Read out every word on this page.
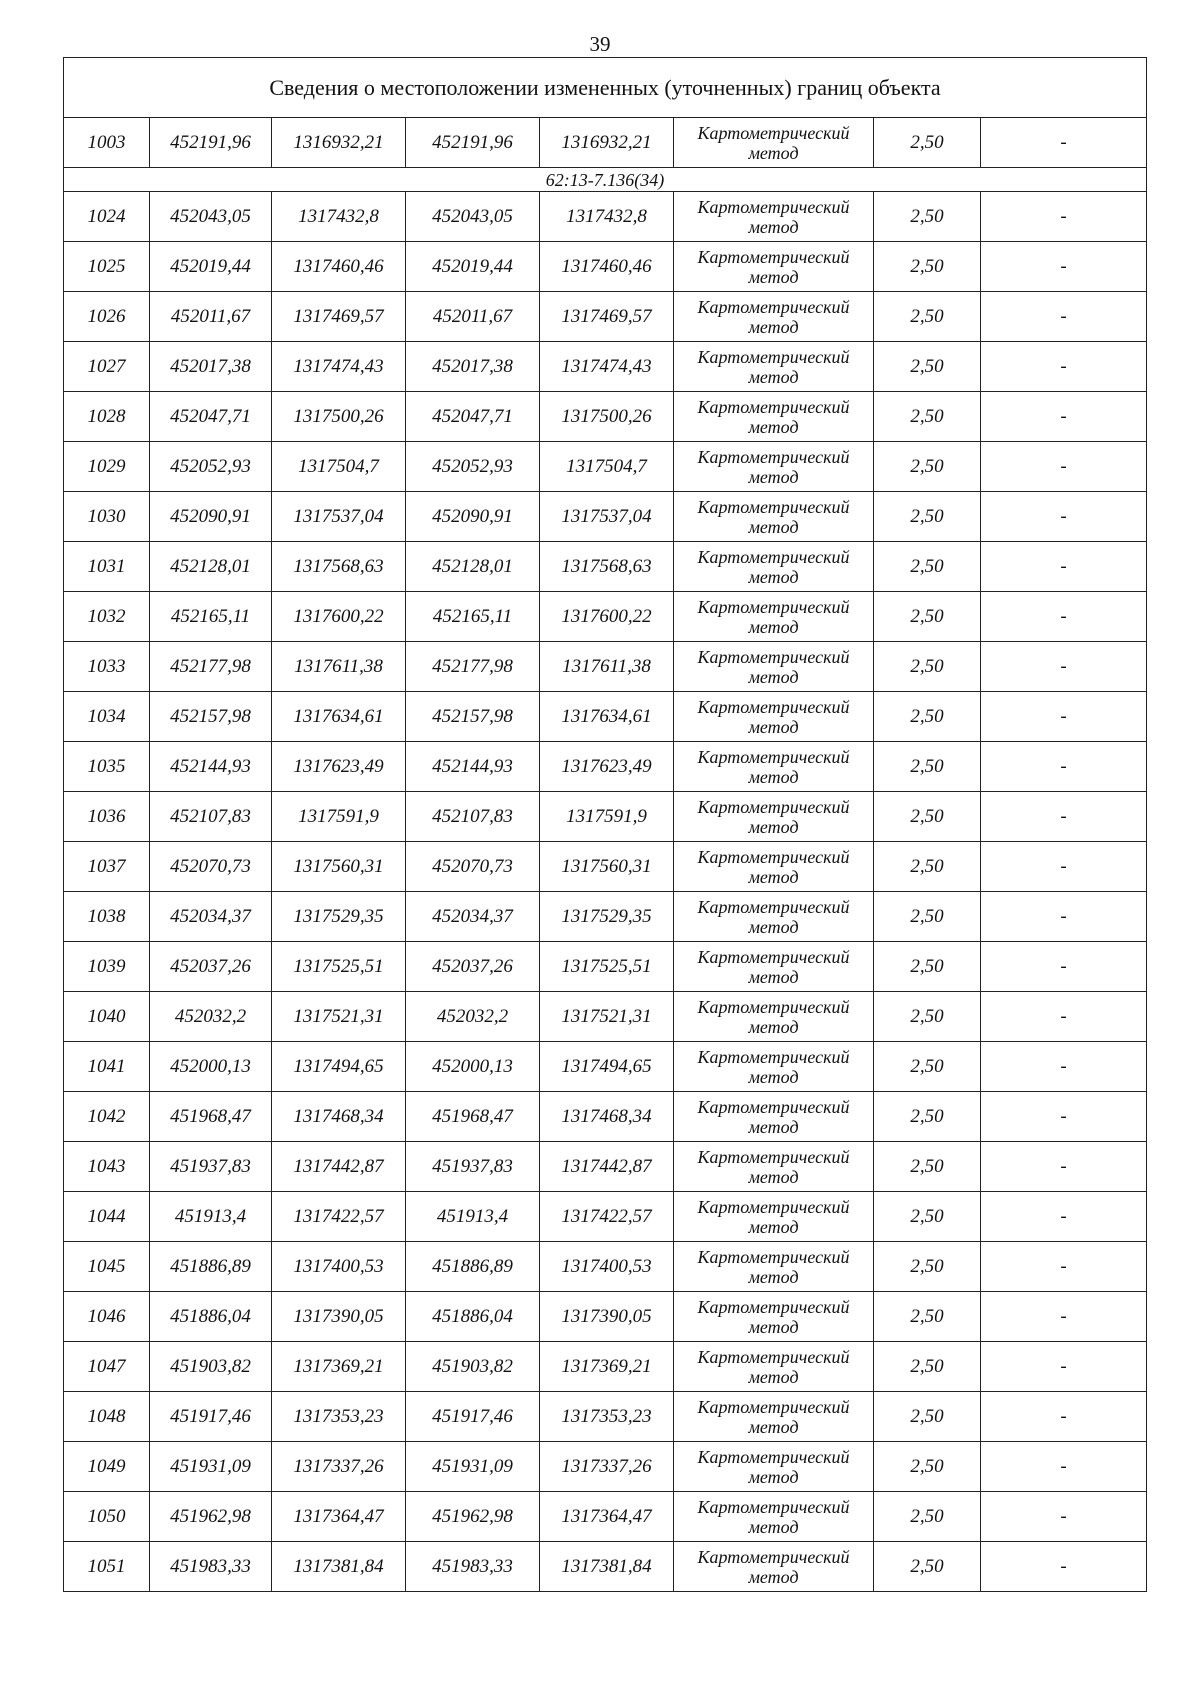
39
Сведения о местоположении измененных (уточненных) границ объекта							
1003	452191,96	1316932,21	452191,96	1316932,21	Картометрический
метод	2,50	-
62:13-7.136(34)							
1024	452043,05	1317432,8	452043,05	1317432,8	Картометрический
метод	2,50	-
1025	452019,44	1317460,46	452019,44	1317460,46	Картометрический
метод	2,50	-
1026	452011,67	1317469,57	452011,67	1317469,57	Картометрический
метод	2,50	-
1027	452017,38	1317474,43	452017,38	1317474,43	Картометрический
метод	2,50	-
1028	452047,71	1317500,26	452047,71	1317500,26	Картометрический
метод	2,50	-
1029	452052,93	1317504,7	452052,93	1317504,7	Картометрический
метод	2,50	-
1030	452090,91	1317537,04	452090,91	1317537,04	Картометрический
метод	2,50	-
1031	452128,01	1317568,63	452128,01	1317568,63	Картометрический
метод	2,50	-
1032	452165,11	1317600,22	452165,11	1317600,22	Картометрический
метод	2,50	-
1033	452177,98	1317611,38	452177,98	1317611,38	Картометрический
метод	2,50	-
1034	452157,98	1317634,61	452157,98	1317634,61	Картометрический
метод	2,50	-
1035	452144,93	1317623,49	452144,93	1317623,49	Картометрический
метод	2,50	-
1036	452107,83	1317591,9	452107,83	1317591,9	Картометрический
метод	2,50	-
1037	452070,73	1317560,31	452070,73	1317560,31	Картометрический
метод	2,50	-
1038	452034,37	1317529,35	452034,37	1317529,35	Картометрический
метод	2,50	-
1039	452037,26	1317525,51	452037,26	1317525,51	Картометрический
метод	2,50	-
1040	452032,2	1317521,31	452032,2	1317521,31	Картометрический
метод	2,50	-
1041	452000,13	1317494,65	452000,13	1317494,65	Картометрический
метод	2,50	-
1042	451968,47	1317468,34	451968,47	1317468,34	Картометрический
метод	2,50	-
1043	451937,83	1317442,87	451937,83	1317442,87	Картометрический
метод	2,50	-
1044	451913,4	1317422,57	451913,4	1317422,57	Картометрический
метод	2,50	-
1045	451886,89	1317400,53	451886,89	1317400,53	Картометрический
метод	2,50	-
1046	451886,04	1317390,05	451886,04	1317390,05	Картометрический
метод	2,50	-
1047	451903,82	1317369,21	451903,82	1317369,21	Картометрический
метод	2,50	-
1048	451917,46	1317353,23	451917,46	1317353,23	Картометрический
метод	2,50	-
1049	451931,09	1317337,26	451931,09	1317337,26	Картометрический
метод	2,50	-
1050	451962,98	1317364,47	451962,98	1317364,47	Картометрический
метод	2,50	-
1051	451983,33	1317381,84	451983,33	1317381,84	Картометрический
метод	2,50	-
